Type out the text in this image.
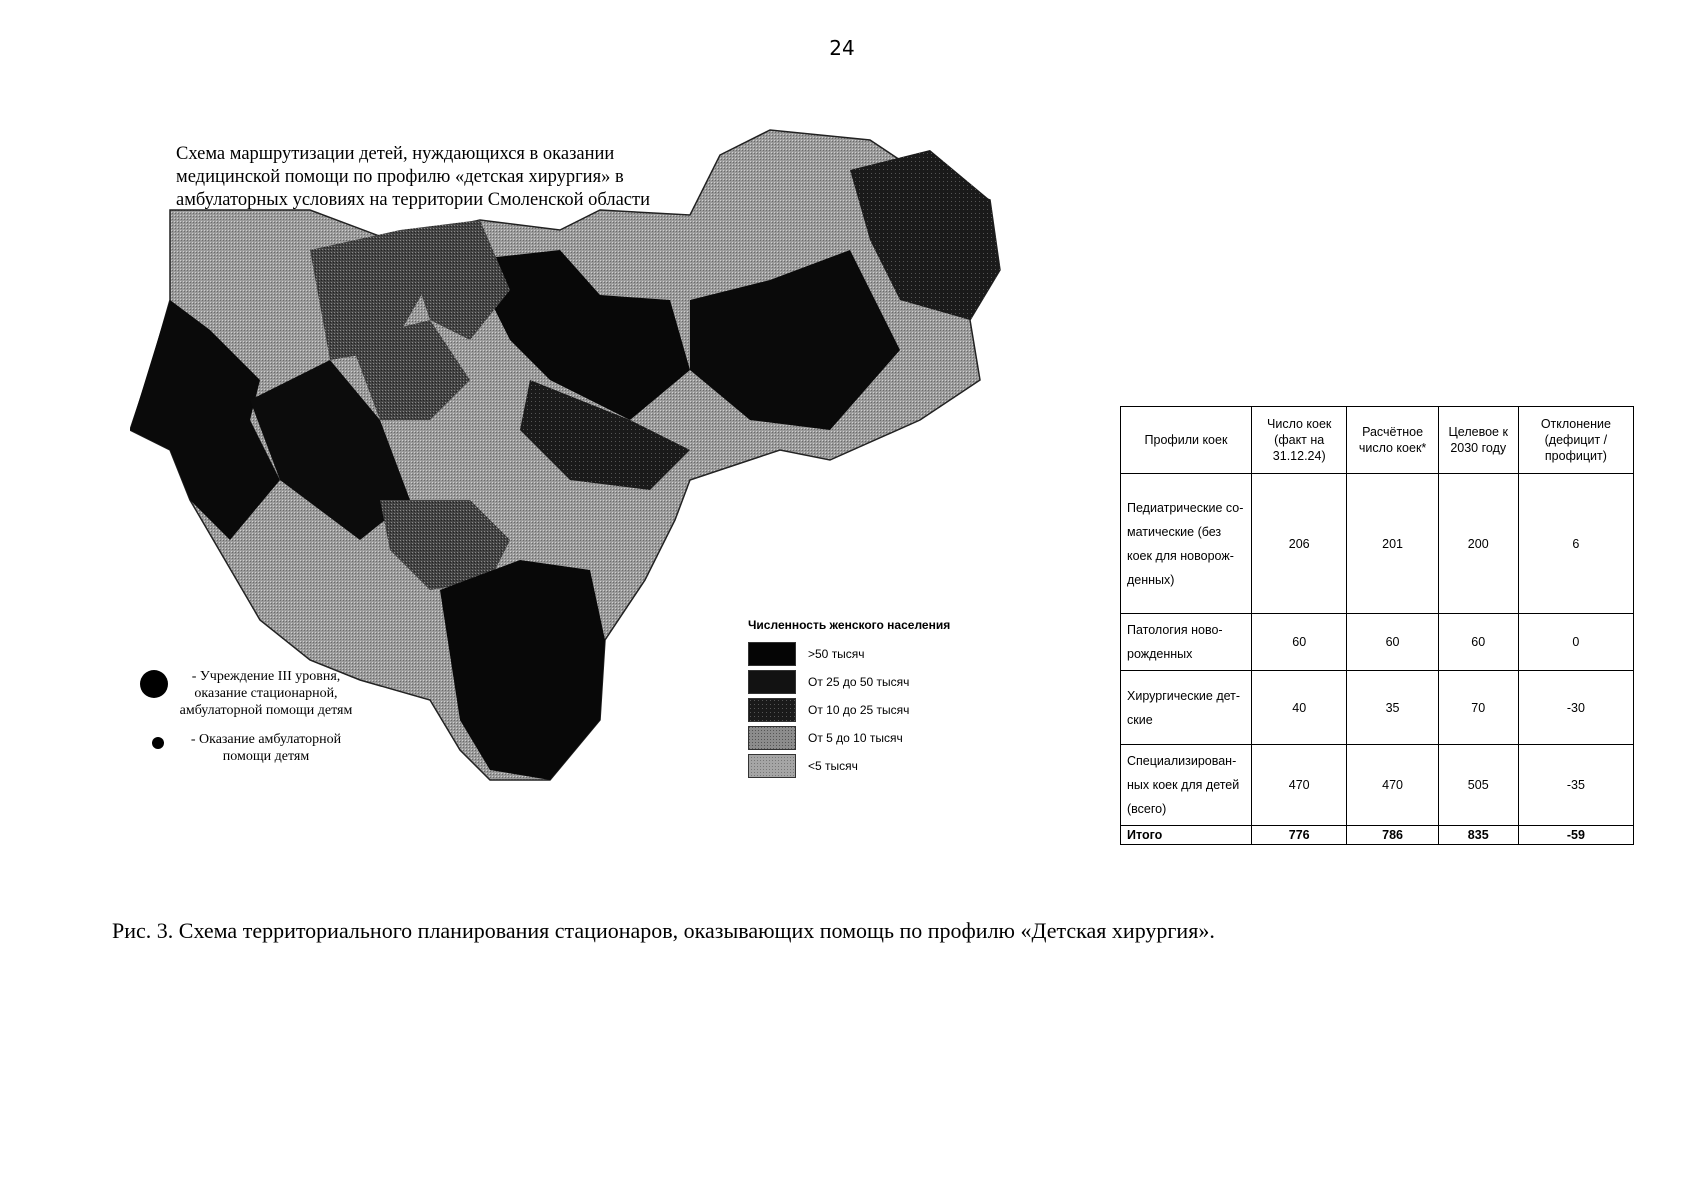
24
Схема маршрутизации детей, нуждающихся в оказании медицинской помощи по профилю «детская хирургия» в амбулаторных условиях на территории Смоленской области
- Учреждение III уровня, оказание стационарной, амбулаторной помощи детям
- Оказание амбулаторной помощи детям
Численность женского населения
>50 тысяч
От 25 до 50 тысяч
От 10 до 25 тысяч
От 5 до 10 тысяч
<5 тысяч
Профили коек	Число коек (факт на 31.12.24)	Расчётное число коек*	Целевое к 2030 году	Отклонение (дефицит / профицит)
Педиатрические со-матические (без коек для новорож-денных)	206	201	200	6
Патология ново-рожденных	60	60	60	0
Хирургические дет-ские	40	35	70	-30
Специализирован-ных коек для детей (всего)	470	470	505	-35
Итого	776	786	835	-59
Рис. 3. Схема территориального планирования стационаров, оказывающих помощь по профилю «Детская хирургия».
